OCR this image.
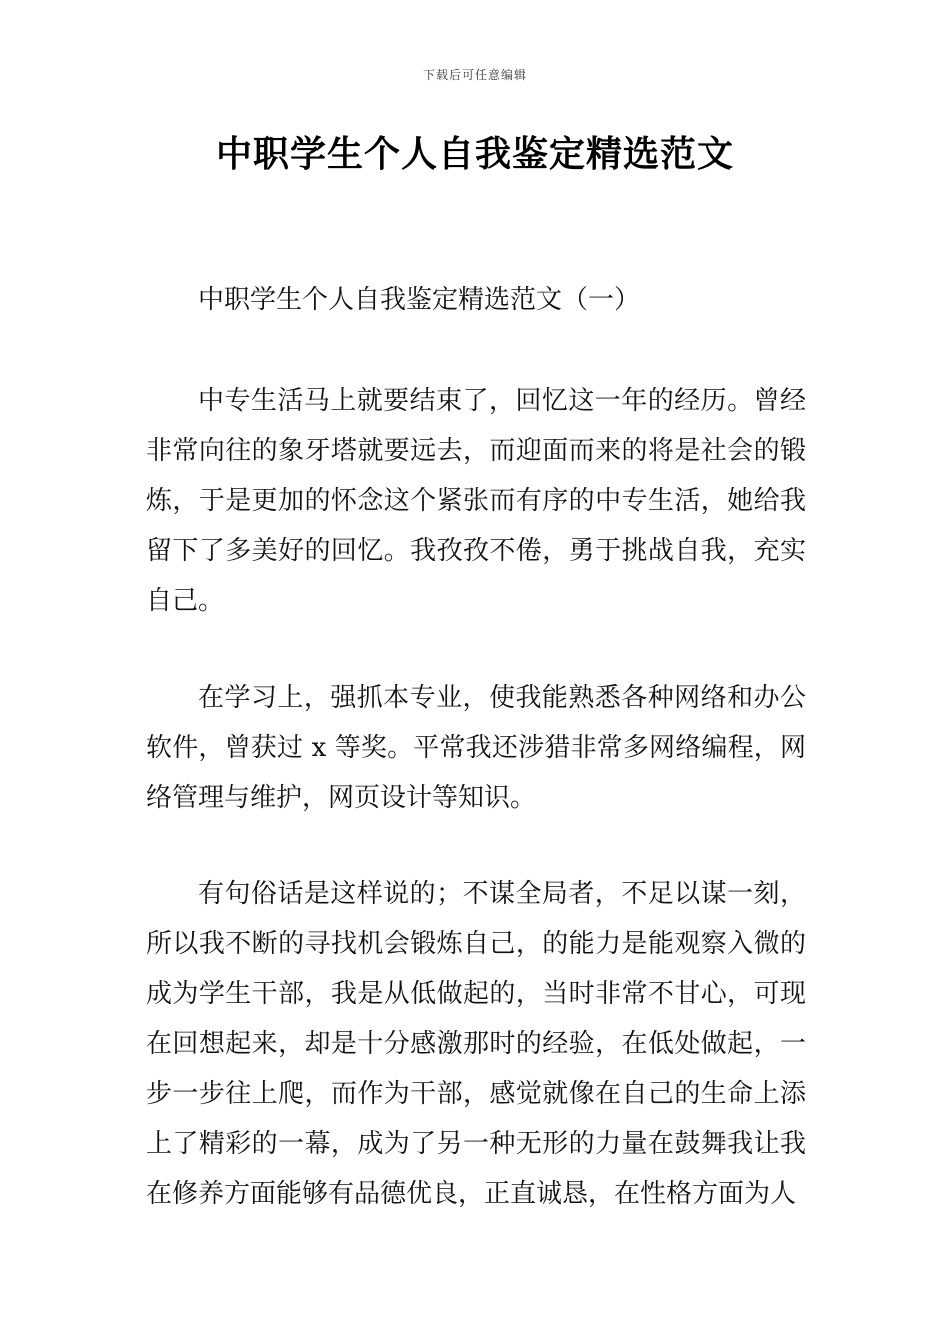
下载后可任意编辑
中职学生个人自我鉴定精选范文

中职学生个人自我鉴定精选范文（一）

中专生活马上就要结束了，回忆这一年的经历。曾经非常向往的象牙塔就要远去，而迎面而来的将是社会的锻炼，于是更加的怀念这个紧张而有序的中专生活，她给我留下了多美好的回忆。我孜孜不倦，勇于挑战自我，充实自己。

在学习上，强抓本专业，使我能熟悉各种网络和办公软件，曾获过 x 等奖。平常我还涉猎非常多网络编程，网络管理与维护，网页设计等知识。

有句俗话是这样说的；不谋全局者，不足以谋一刻，所以我不断的寻找机会锻炼自己，的能力是能观察入微的成为学生干部，我是从低做起的，当时非常不甘心，可现在回想起来，却是十分感激那时的经验，在低处做起，一步一步往上爬，而作为干部，感觉就像在自己的生命上添上了精彩的一幕，成为了另一种无形的力量在鼓舞我让我在修养方面能够有品德优良，正直诚恳，在性格方面为人
